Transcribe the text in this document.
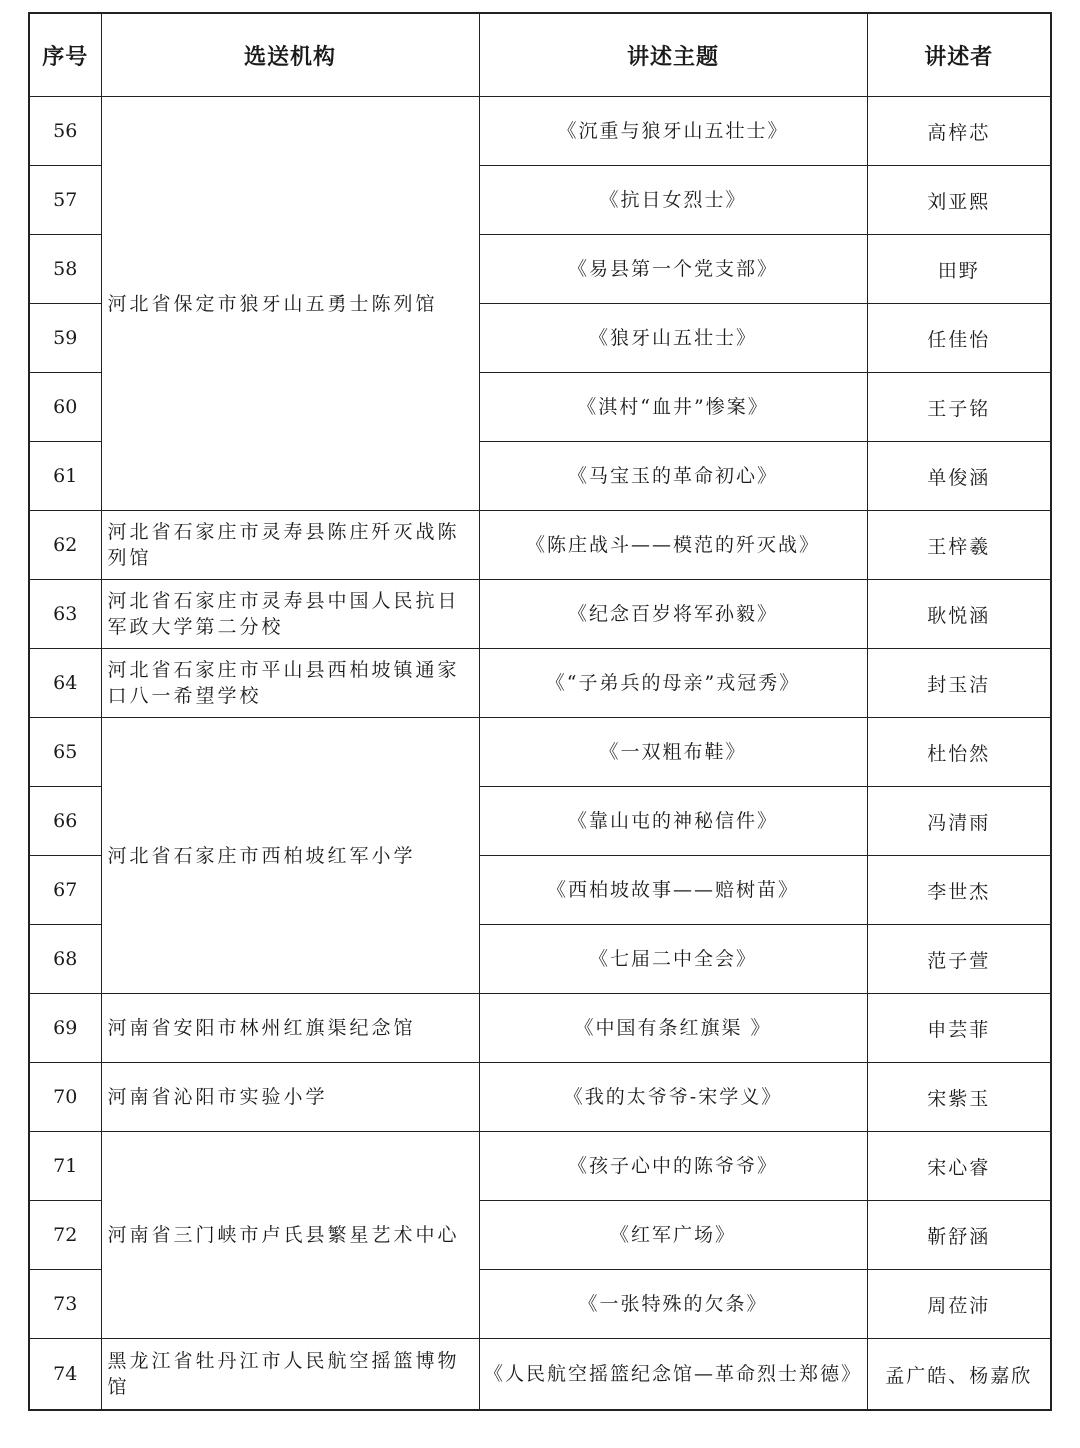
序号	选送机构	讲述主题	讲述者
56	河北省保定市狼牙山五勇士陈列馆	《沉重与狼牙山五壮士》	高梓芯
57		《抗日女烈士》	刘亚熙
58		《易县第一个党支部》	田野
59		《狼牙山五壮士》	任佳怡
60		《淇村“血井”惨案》	王子铭
61		《马宝玉的革命初心》	单俊涵
62	河北省石家庄市灵寿县陈庄歼灭战陈列馆	《陈庄战斗——模范的歼灭战》	王梓羲
63	河北省石家庄市灵寿县中国人民抗日军政大学第二分校	《纪念百岁将军孙毅》	耿悦涵
64	河北省石家庄市平山县西柏坡镇通家口八一希望学校	《“子弟兵的母亲”戎冠秀》	封玉洁
65	河北省石家庄市西柏坡红军小学	《一双粗布鞋》	杜怡然
66		《靠山屯的神秘信件》	冯清雨
67		《西柏坡故事——赔树苗》	李世杰
68		《七届二中全会》	范子萱
69	河南省安阳市林州红旗渠纪念馆	《中国有条红旗渠 》	申芸菲
70	河南省沁阳市实验小学	《我的太爷爷-宋学义》	宋紫玉
71	河南省三门峡市卢氏县繁星艺术中心	《孩子心中的陈爷爷》	宋心睿
72		《红军广场》	靳舒涵
73		《一张特殊的欠条》	周莅沛
74	黑龙江省牡丹江市人民航空摇篮博物馆	《人民航空摇篮纪念馆—革命烈士郑德》	孟广皓、杨嘉欣
